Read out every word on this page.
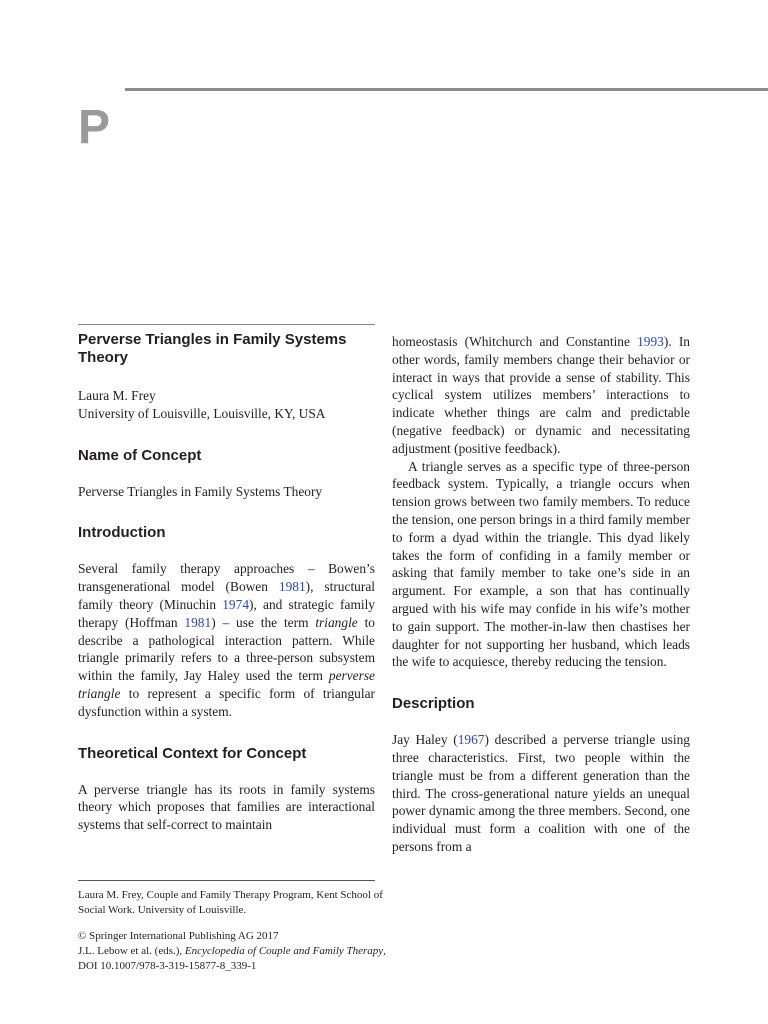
P
Perverse Triangles in Family Systems Theory
Laura M. Frey
University of Louisville, Louisville, KY, USA
Name of Concept

Perverse Triangles in Family Systems Theory

Introduction

Several family therapy approaches – Bowen’s transgenerational model (Bowen 1981), structural family theory (Minuchin 1974), and strategic family therapy (Hoffman 1981) – use the term triangle to describe a pathological interaction pattern. While triangle primarily refers to a three-person subsystem within the family, Jay Haley used the term perverse triangle to represent a specific form of triangular dysfunction within a system.

Theoretical Context for Concept

A perverse triangle has its roots in family systems theory which proposes that families are interactional systems that self-correct to maintain

homeostasis (Whitchurch and Constantine 1993). In other words, family members change their behavior or interact in ways that provide a sense of stability. This cyclical system utilizes members’ interactions to indicate whether things are calm and predictable (negative feedback) or dynamic and necessitating adjustment (positive feedback).

A triangle serves as a specific type of three-person feedback system. Typically, a triangle occurs when tension grows between two family members. To reduce the tension, one person brings in a third family member to form a dyad within the triangle. This dyad likely takes the form of confiding in a family member or asking that family member to take one’s side in an argument. For example, a son that has continually argued with his wife may confide in his wife’s mother to gain support. The mother-in-law then chastises her daughter for not supporting her husband, which leads the wife to acquiesce, thereby reducing the tension.

Description

Jay Haley (1967) described a perverse triangle using three characteristics. First, two people within the triangle must be from a different generation than the third. The cross-generational nature yields an unequal power dynamic among the three members. Second, one individual must form a coalition with one of the persons from a

Laura M. Frey, Couple and Family Therapy Program, Kent School of Social Work. University of Louisville.
© Springer International Publishing AG 2017
J.L. Lebow et al. (eds.), Encyclopedia of Couple and Family Therapy,
DOI 10.1007/978-3-319-15877-8_339-1
